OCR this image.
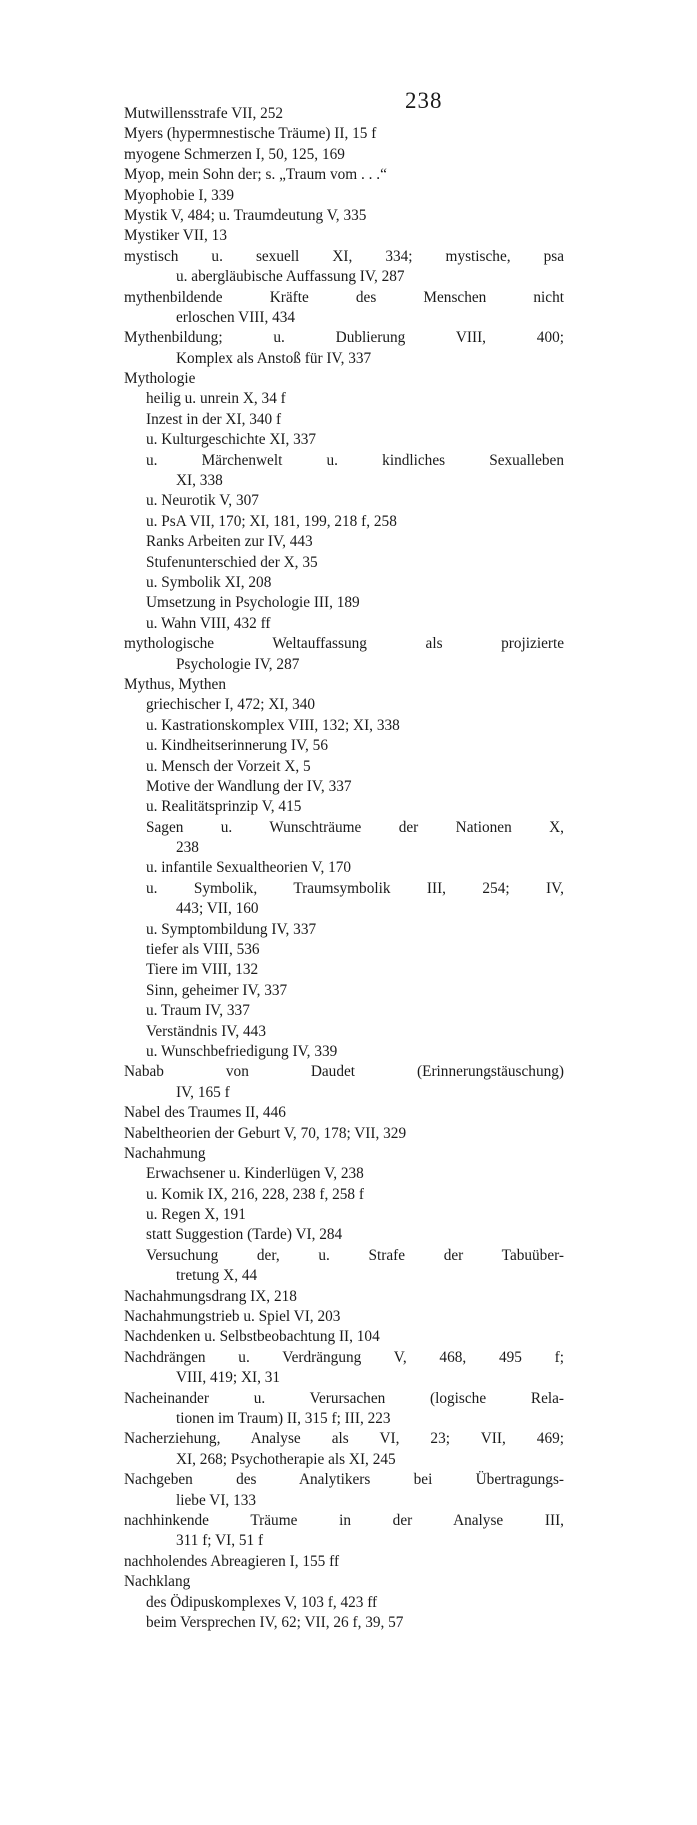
238
Mutwillensstrafe VII, 252
Myers (hypermnestische Träume) II, 15 f
myogene Schmerzen I, 50, 125, 169
Myop, mein Sohn der; s. „Traum vom . . .“
Myophobie I, 339
Mystik V, 484; u. Traumdeutung V, 335
Mystiker VII, 13
mystisch u. sexuell XI, 334; mystische, psa
u. abergläubische Auffassung IV, 287
mythenbildende Kräfte des Menschen nicht
erloschen VIII, 434
Mythenbildung; u. Dublierung VIII, 400;
Komplex als Anstoß für IV, 337
Mythologie
heilig u. unrein X, 34 f
Inzest in der XI, 340 f
u. Kulturgeschichte XI, 337
u. Märchenwelt u. kindliches Sexualleben
XI, 338
u. Neurotik V, 307
u. PsA VII, 170; XI, 181, 199, 218 f, 258
Ranks Arbeiten zur IV, 443
Stufenunterschied der X, 35
u. Symbolik XI, 208
Umsetzung in Psychologie III, 189
u. Wahn VIII, 432 ff
mythologische Weltauffassung als projizierte
Psychologie IV, 287
Mythus, Mythen
griechischer I, 472; XI, 340
u. Kastrationskomplex VIII, 132; XI, 338
u. Kindheitserinnerung IV, 56
u. Mensch der Vorzeit X, 5
Motive der Wandlung der IV, 337
u. Realitätsprinzip V, 415
Sagen u. Wunschträume der Nationen X,
238
u. infantile Sexualtheorien V, 170
u. Symbolik, Traumsymbolik III, 254; IV,
443; VII, 160
u. Symptombildung IV, 337
tiefer als VIII, 536
Tiere im VIII, 132
Sinn, geheimer IV, 337
u. Traum IV, 337
Verständnis IV, 443
u. Wunschbefriedigung IV, 339
Nabab von Daudet (Erinnerungstäuschung)
IV, 165 f
Nabel des Traumes II, 446
Nabeltheorien der Geburt V, 70, 178; VII, 329
Nachahmung
Erwachsener u. Kinderlügen V, 238
u. Komik IX, 216, 228, 238 f, 258 f
u. Regen X, 191
statt Suggestion (Tarde) VI, 284
Versuchung der, u. Strafe der Tabuüber-
tretung X, 44
Nachahmungsdrang IX, 218
Nachahmungstrieb u. Spiel VI, 203
Nachdenken u. Selbstbeobachtung II, 104
Nachdrängen u. Verdrängung V, 468, 495 f;
VIII, 419; XI, 31
Nacheinander u. Verursachen (logische Rela-
tionen im Traum) II, 315 f; III, 223
Nacherziehung, Analyse als VI, 23; VII, 469;
XI, 268; Psychotherapie als XI, 245
Nachgeben des Analytikers bei Übertragungs-
liebe VI, 133
nachhinkende Träume in der Analyse III,
311 f; VI, 51 f
nachholendes Abreagieren I, 155 ff
Nachklang
des Ödipuskomplexes V, 103 f, 423 ff
beim Versprechen IV, 62; VII, 26 f, 39, 57
